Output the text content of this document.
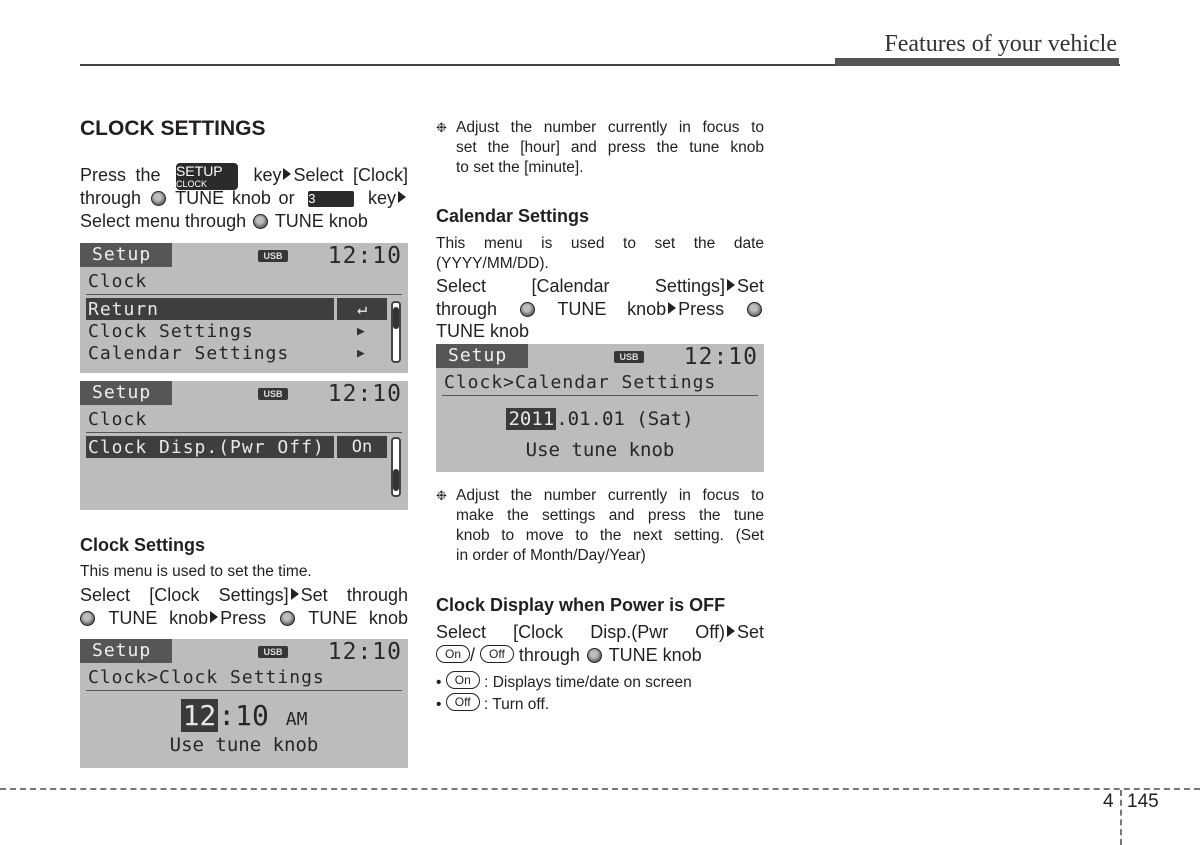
Features of your vehicle
CLOCK SETTINGS
Press the SETUP
CLOCK	key Select [Clock]
through TUNE knob or 3	key
Select menu through TUNE knob
Setup	USB 12:10
Clock
Return	↵
Clock Settings	▶
Calendar Settings	▶
Setup	USB 12:10
Clock
Clock Disp.(Pwr Off)	On
Clock Settings
This menu is used to set the time.
Select [Clock Settings] Set through
TUNE knob Press TUNE knob
Setup	USB 12:10
Clock>Clock Settings
12:10 AM
Use tune knob
❉ Adjust the number currently in focus to
set the [hour] and press the tune knob
to set the [minute].
Calendar Settings
This menu is used to set the date
(YYYY/MM/DD).
Select	[Calendar	Settings] Set
through	TUNE knob Press
TUNE knob
Setup	USB 12:10
Clock>Calendar Settings
2011 .01.01 (Sat)
Use tune knob
❉ Adjust the number currently in focus to
make the settings and press the tune
knob to move to the next setting. (Set
in order of Month/Day/Year)
Clock Display when Power is OFF
Select [Clock Disp.(Pwr Off) Set
On / Off through TUNE knob
• On : Displays time/date on screen
• Off : Turn off.
4 145
